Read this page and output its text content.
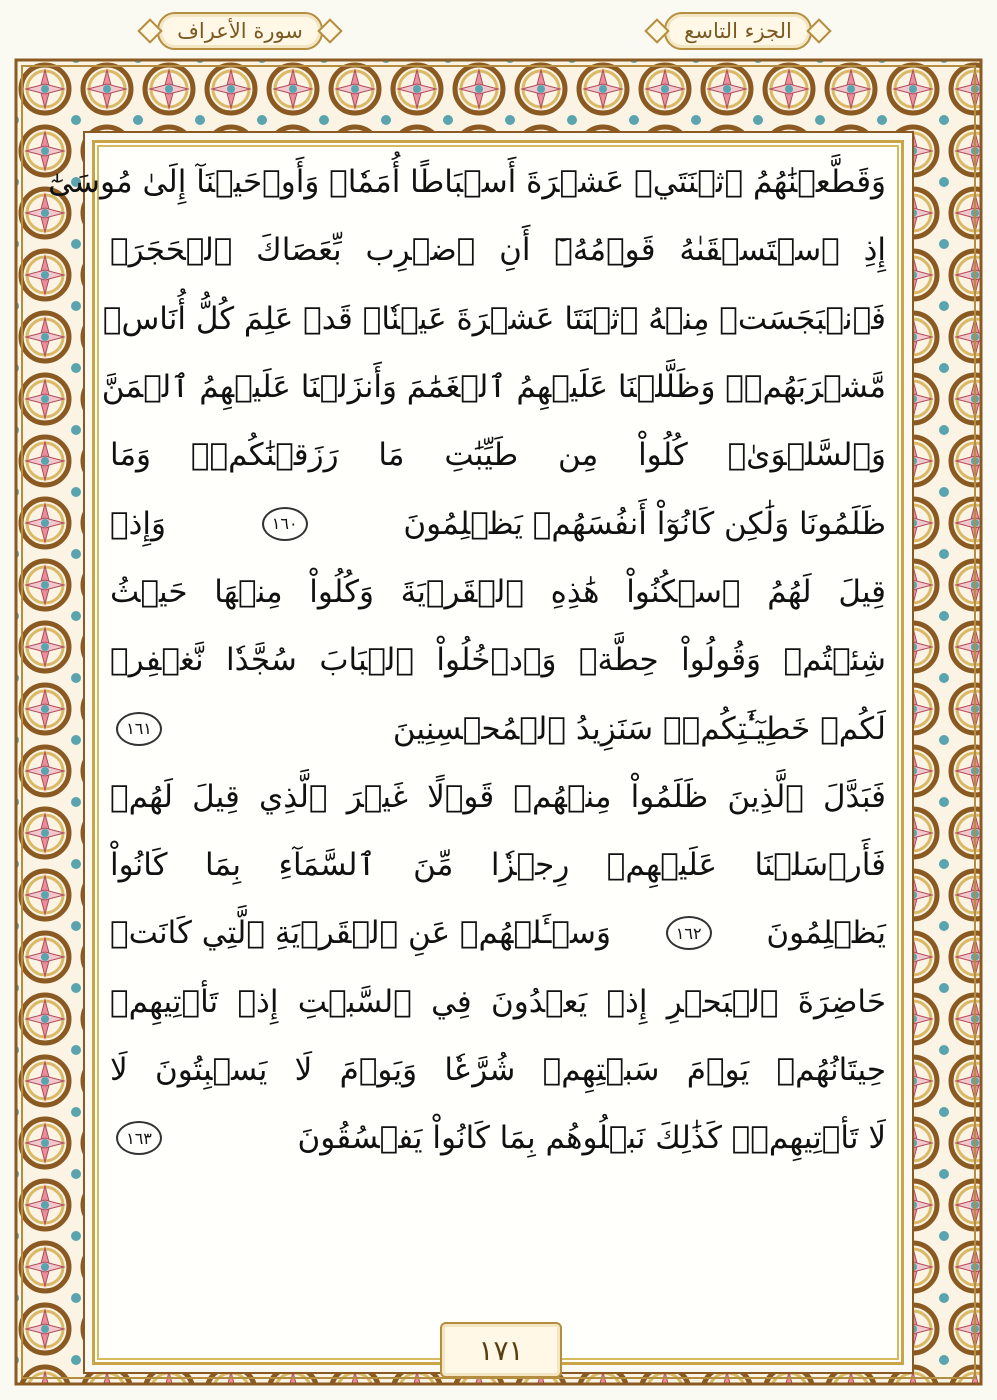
سورة الأعراف	الجزء التاسع
وَقَطَّعۡنَٰهُمُ ٱثۡنَتَيۡ عَشۡرَةَ أَسۡبَاطًا أُمَمٗاۚ وَأَوۡحَيۡنَآ إِلَىٰ مُوسَىٰٓ
إِذِ ٱسۡتَسۡقَىٰهُ قَوۡمُهُۥٓ أَنِ ٱضۡرِب بِّعَصَاكَ ٱلۡحَجَرَۖ
فَٱنۢبَجَسَتۡ مِنۡهُ ٱثۡنَتَا عَشۡرَةَ عَيۡنٗاۖ قَدۡ عَلِمَ كُلُّ أُنَاسٖ
مَّشۡرَبَهُمۡۚ وَظَلَّلۡنَا عَلَيۡهِمُ ٱلۡغَمَٰمَ وَأَنزَلۡنَا عَلَيۡهِمُ ٱلۡمَنَّ
وَٱلسَّلۡوَىٰۖ كُلُواْ مِن طَيِّبَٰتِ مَا رَزَقۡنَٰكُمۡۚ وَمَا
ظَلَمُونَا وَلَٰكِن كَانُوٓاْ أَنفُسَهُمۡ يَظۡلِمُونَ
١٦٠
وَإِذۡ
قِيلَ لَهُمُ ٱسۡكُنُواْ هَٰذِهِ ٱلۡقَرۡيَةَ وَكُلُواْ مِنۡهَا حَيۡثُ
شِئۡتُمۡ وَقُولُواْ حِطَّةٞ وَٱدۡخُلُواْ ٱلۡبَابَ سُجَّدٗا نَّغۡفِرۡ
لَكُمۡ خَطِيٓـَٰٔتِكُمۡۚ سَنَزِيدُ ٱلۡمُحۡسِنِينَ
١٦١
فَبَدَّلَ ٱلَّذِينَ ظَلَمُواْ مِنۡهُمۡ قَوۡلًا غَيۡرَ ٱلَّذِي قِيلَ لَهُمۡ
فَأَرۡسَلۡنَا عَلَيۡهِمۡ رِجۡزٗا مِّنَ ٱلسَّمَآءِ بِمَا كَانُواْ
يَظۡلِمُونَ
١٦٢
وَسۡـَٔلۡهُمۡ عَنِ ٱلۡقَرۡيَةِ ٱلَّتِي كَانَتۡ
حَاضِرَةَ ٱلۡبَحۡرِ إِذۡ يَعۡدُونَ فِي ٱلسَّبۡتِ إِذۡ تَأۡتِيهِمۡ
حِيتَانُهُمۡ يَوۡمَ سَبۡتِهِمۡ شُرَّعٗا وَيَوۡمَ لَا يَسۡبِتُونَ لَا
لَا تَأۡتِيهِمۡۚ كَذَٰلِكَ نَبۡلُوهُم بِمَا كَانُواْ يَفۡسُقُونَ
١٦٣
١٧١
